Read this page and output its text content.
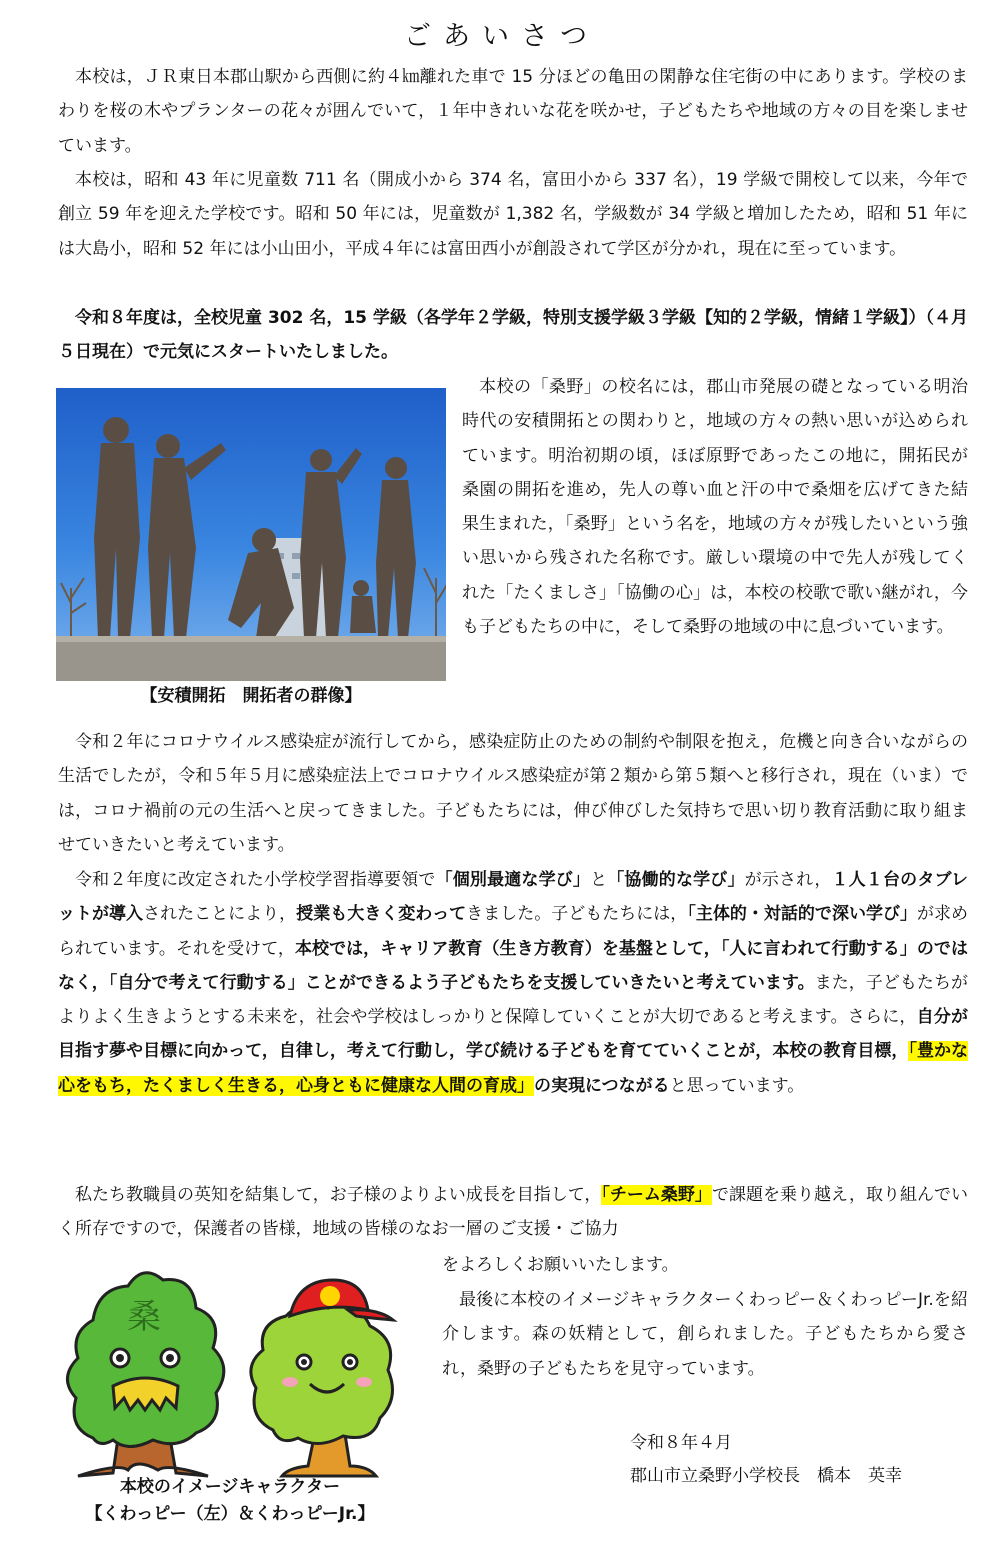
ごあいさつ

本校は，ＪＲ東日本郡山駅から西側に約４㎞離れた車で 15 分ほどの亀田の閑静な住宅街の中にあります。学校のまわりを桜の木やプランターの花々が囲んでいて，１年中きれいな花を咲かせ，子どもたちや地域の方々の目を楽しませています。

本校は，昭和 43 年に児童数 711 名（開成小から 374 名，富田小から 337 名），19 学級で開校して以来，今年で創立 59 年を迎えた学校です。昭和 50 年には，児童数が 1,382 名，学級数が 34 学級と増加したため，昭和 51 年には大島小，昭和 52 年には小山田小，平成４年には富田西小が創設されて学区が分かれ，現在に至っています。

令和８年度は，全校児童 302 名，15 学級（各学年２学級，特別支援学級３学級【知的２学級，情緒１学級】）（４月５日現在）で元気にスタートいたしました。

【安積開拓　開拓者の群像】

本校の「桑野」の校名には，郡山市発展の礎となっている明治時代の安積開拓との関わりと，地域の方々の熱い思いが込められています。明治初期の頃，ほぼ原野であったこの地に，開拓民が桑園の開拓を進め，先人の尊い血と汗の中で桑畑を広げてきた結果生まれた，「桑野」という名を，地域の方々が残したいという強い思いから残された名称です。厳しい環境の中で先人が残してくれた「たくましさ」「協働の心」は，本校の校歌で歌い継がれ，今も子どもたちの中に，そして桑野の地域の中に息づいています。

令和２年にコロナウイルス感染症が流行してから，感染症防止のための制約や制限を抱え，危機と向き合いながらの生活でしたが，令和５年５月に感染症法上でコロナウイルス感染症が第２類から第５類へと移行され，現在（いま）では，コロナ禍前の元の生活へと戻ってきました。子どもたちには，伸び伸びした気持ちで思い切り教育活動に取り組ませていきたいと考えています。

令和２年度に改定された小学校学習指導要領で「個別最適な学び」と「協働的な学び」が示され，１人１台のタブレットが導入されたことにより，授業も大きく変わってきました。子どもたちには，「主体的・対話的で深い学び」が求められています。それを受けて，本校では，キャリア教育（生き方教育）を基盤として，「人に言われて行動する」のではなく，「自分で考えて行動する」ことができるよう子どもたちを支援していきたいと考えています。また，子どもたちがよりよく生きようとする未来を，社会や学校はしっかりと保障していくことが大切であると考えます。さらに，自分が目指す夢や目標に向かって，自律し，考えて行動し，学び続ける子どもを育てていくことが，本校の教育目標，「豊かな心をもち，たくましく生きる，心身ともに健康な人間の育成」の実現につながると思っています。

私たち教職員の英知を結集して，お子様のよりよい成長を目指して，「チーム桑野」で課題を乗り越え，取り組んでいく所存ですので，保護者の皆様，地域の皆様のなお一層のご支援・ご協力

をよろしくお願いいたします。

最後に本校のイメージキャラクターくわっピー＆くわっピーJr.を紹介します。森の妖精として，創られました。子どもたちから愛され，桑野の子どもたちを見守っています。

桑
本校のイメージキャラクター
【くわっピー（左）＆くわっピーJr.】
令和８年４月
郡山市立桑野小学校長　橋本　英幸
